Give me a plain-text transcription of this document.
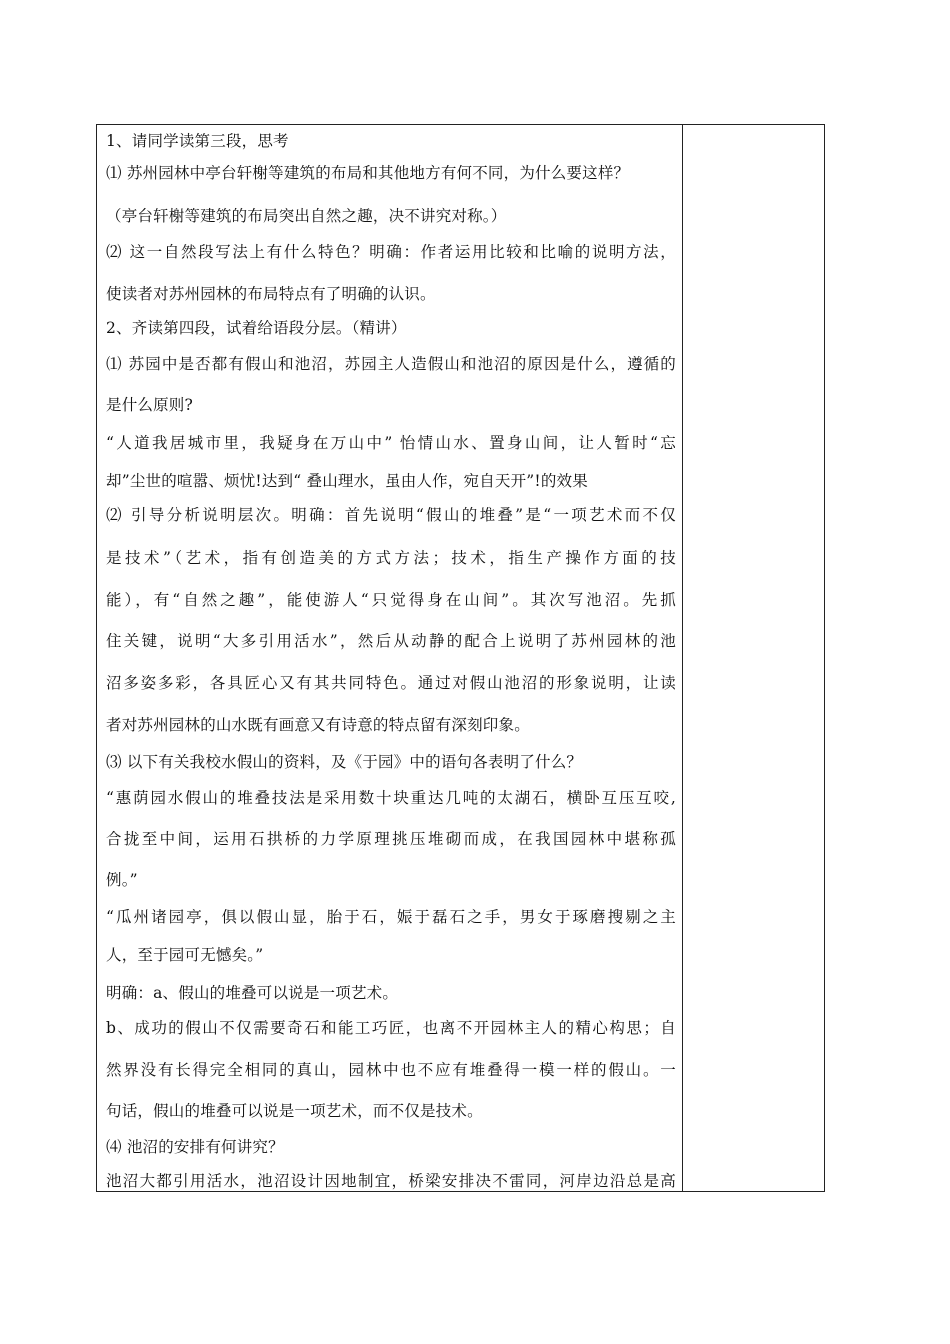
1、请同学读第三段，思考
⑴ 苏州园林中亭台轩榭等建筑的布局和其他地方有何不同，为什么要这样？
（亭台轩榭等建筑的布局突出自然之趣，决不讲究对称。）
⑵ 这一自然段写法上有什么特色？明确：作者运用比较和比喻的说明方法，
使读者对苏州园林的布局特点有了明确的认识。
2、齐读第四段，试着给语段分层。（精讲）
⑴ 苏园中是否都有假山和池沼，苏园主人造假山和池沼的原因是什么，遵循的
是什么原则?
“人道我居城市里，我疑身在万山中” 怡情山水、置身山间，让人暂时“忘
却”尘世的喧嚣、烦忧!达到“ 叠山理水，虽由人作，宛自天开”!的效果
⑵ 引导分析说明层次。明确：首先说明“假山的堆叠”是“一项艺术而不仅
是技术”（艺术，指有创造美的方式方法；技术，指生产操作方面的技
能），有“自然之趣”，能使游人“只觉得身在山间”。其次写池沼。先抓
住关键，说明“大多引用活水”，然后从动静的配合上说明了苏州园林的池
沼多姿多彩，各具匠心又有其共同特色。通过对假山池沼的形象说明，让读
者对苏州园林的山水既有画意又有诗意的特点留有深刻印象。
⑶ 以下有关我校水假山的资料，及《于园》中的语句各表明了什么？
“惠荫园水假山的堆叠技法是采用数十块重达几吨的太湖石，横卧互压互咬,
合拢至中间，运用石拱桥的力学原理挑压堆砌而成，在我国园林中堪称孤
例。”
“瓜州诸园亭，俱以假山显，胎于石，娠于磊石之手，男女于琢磨搜剔之主
人，至于园可无憾矣。”
明确：a、假山的堆叠可以说是一项艺术。
b、成功的假山不仅需要奇石和能工巧匠，也离不开园林主人的精心构思；自
然界没有长得完全相同的真山，园林中也不应有堆叠得一模一样的假山。一
句话，假山的堆叠可以说是一项艺术，而不仅是技术。
⑷ 池沼的安排有何讲究？
池沼大都引用活水，池沼设计因地制宜，桥梁安排决不雷同，河岸边沿总是高
